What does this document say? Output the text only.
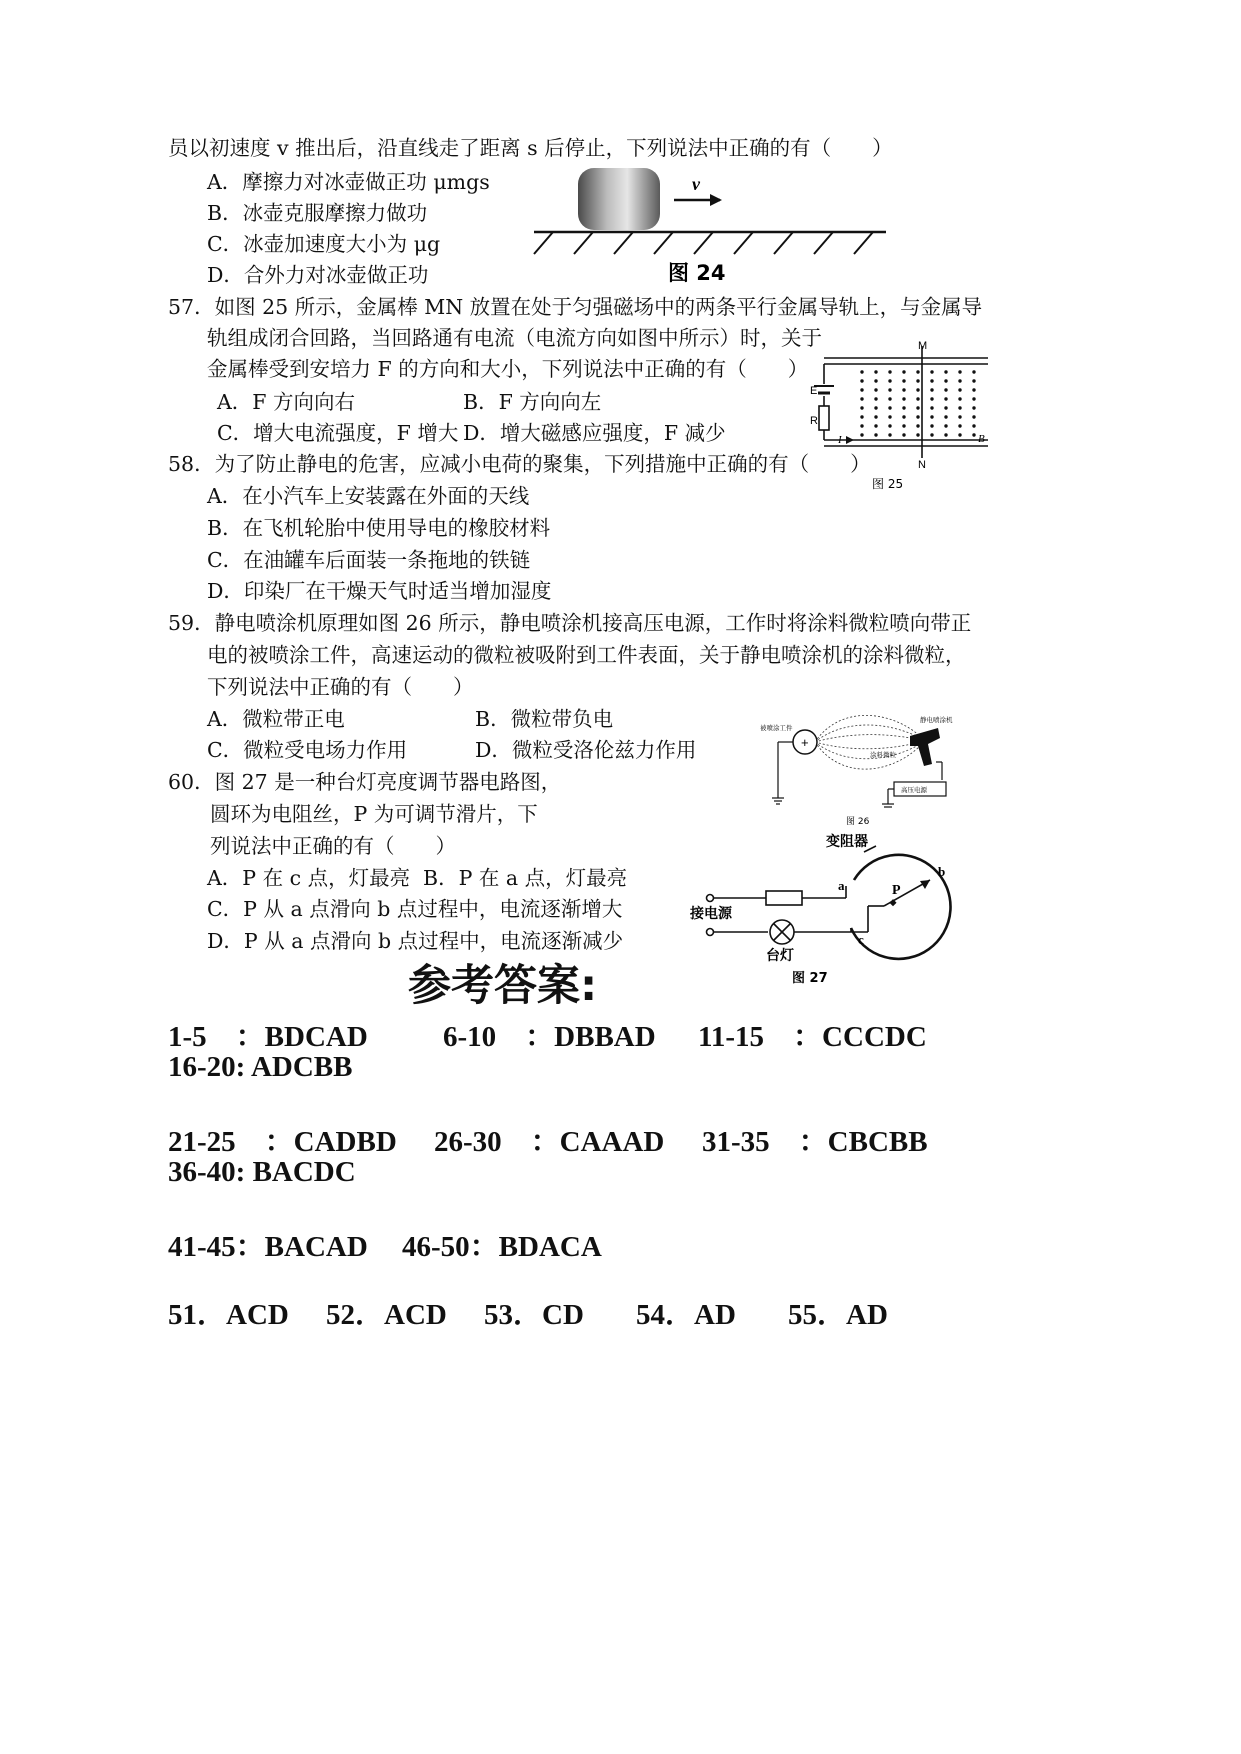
员以初速度 v 推出后，沿直线走了距离 s 后停止，下列说法中正确的有（　　）
A．摩擦力对冰壶做正功 μmgs
B．冰壶克服摩擦力做功
C．冰壶加速度大小为 μg
D．合外力对冰壶做正功
v
图 24
57．如图 25 所示，金属棒 MN 放置在处于匀强磁场中的两条平行金属导轨上，与金属导
轨组成闭合回路，当回路通有电流（电流方向如图中所示）时，关于
金属棒受到安培力 F 的方向和大小，下列说法中正确的有（　　）
A．F 方向向右	B．F 方向向左
C．增大电流强度，F 增大 D．增大磁感应强度，F 减少
M
N
E
R
I	B
图 25
58．为了防止静电的危害，应减小电荷的聚集，下列措施中正确的有（　　）
A．在小汽车上安装露在外面的天线
B．在飞机轮胎中使用导电的橡胶材料
C．在油罐车后面装一条拖地的铁链
D．印染厂在干燥天气时适当增加湿度
59．静电喷涂机原理如图 26 所示，静电喷涂机接高压电源，工作时将涂料微粒喷向带正
电的被喷涂工件，高速运动的微粒被吸附到工件表面，关于静电喷涂机的涂料微粒，
下列说法中正确的有（　　）
A．微粒带正电	B．微粒带负电
C．微粒受电场力作用	D．微粒受洛伦兹力作用	+
被喷涂工件
静电喷涂机
涂料微粒
高压电源
图 26
60．图 27 是一种台灯亮度调节器电路图，
圆环为电阻丝，P 为可调节滑片，下
列说法中正确的有（　　）
A．P 在 c 点，灯最亮 B．P 在 a 点，灯最亮
C．P 从 a 点滑向 b 点过程中，电流逐渐增大
D．P 从 a 点滑向 b 点过程中，电流逐渐减少
接电源
变阻器
台灯
a
b
c
P
图 27
参考答案:
1-5　：BDCAD	6-10　：DBBAD 11-15　：CCCDC
16-20: ADCBB
21-25　：CADBD 26-30　：CAAAD 31-35　：CBCBB
36-40: BACDC
41-45：BACAD 46-50：BDACA
51．ACD 52．ACD 53．CD 54．AD 55．AD
